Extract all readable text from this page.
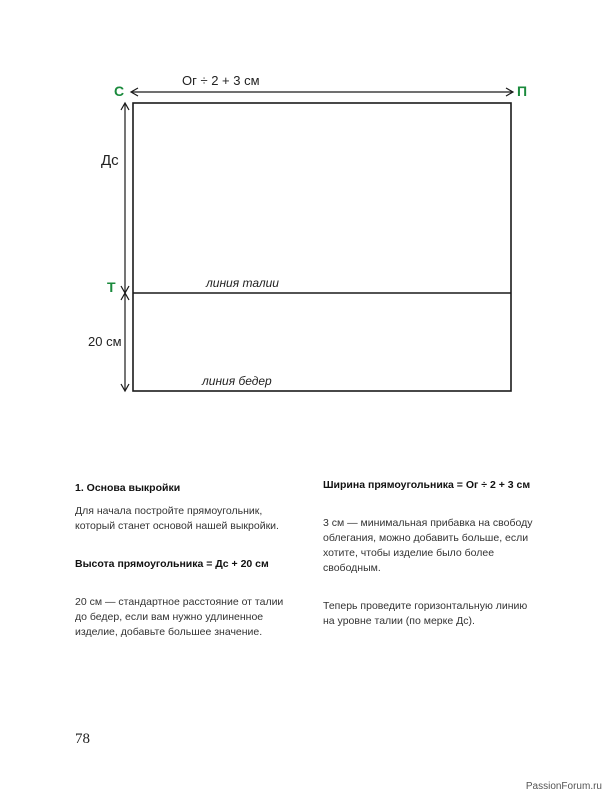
С	П
Т
Ог ÷ 2 + 3 см
Дс
20 см
линия талии
линия бедер

1. Основа выкройки

Для начала постройте прямоугольник, который станет основой нашей выкройки.

Высота прямоугольника = Дс + 20 см

20 см — стандартное расстояние от талии до бедер, если вам нужно удлиненное изделие, добавьте большее значение.

Ширина прямоугольника = Ог ÷ 2 + 3 см

3 см — минимальная прибавка на свободу облегания, можно добавить больше, если хотите, чтобы изделие было более свободным.

Теперь проведите горизонтальную линию на уровне талии (по мерке Дс).

78
PassionForum.ru
